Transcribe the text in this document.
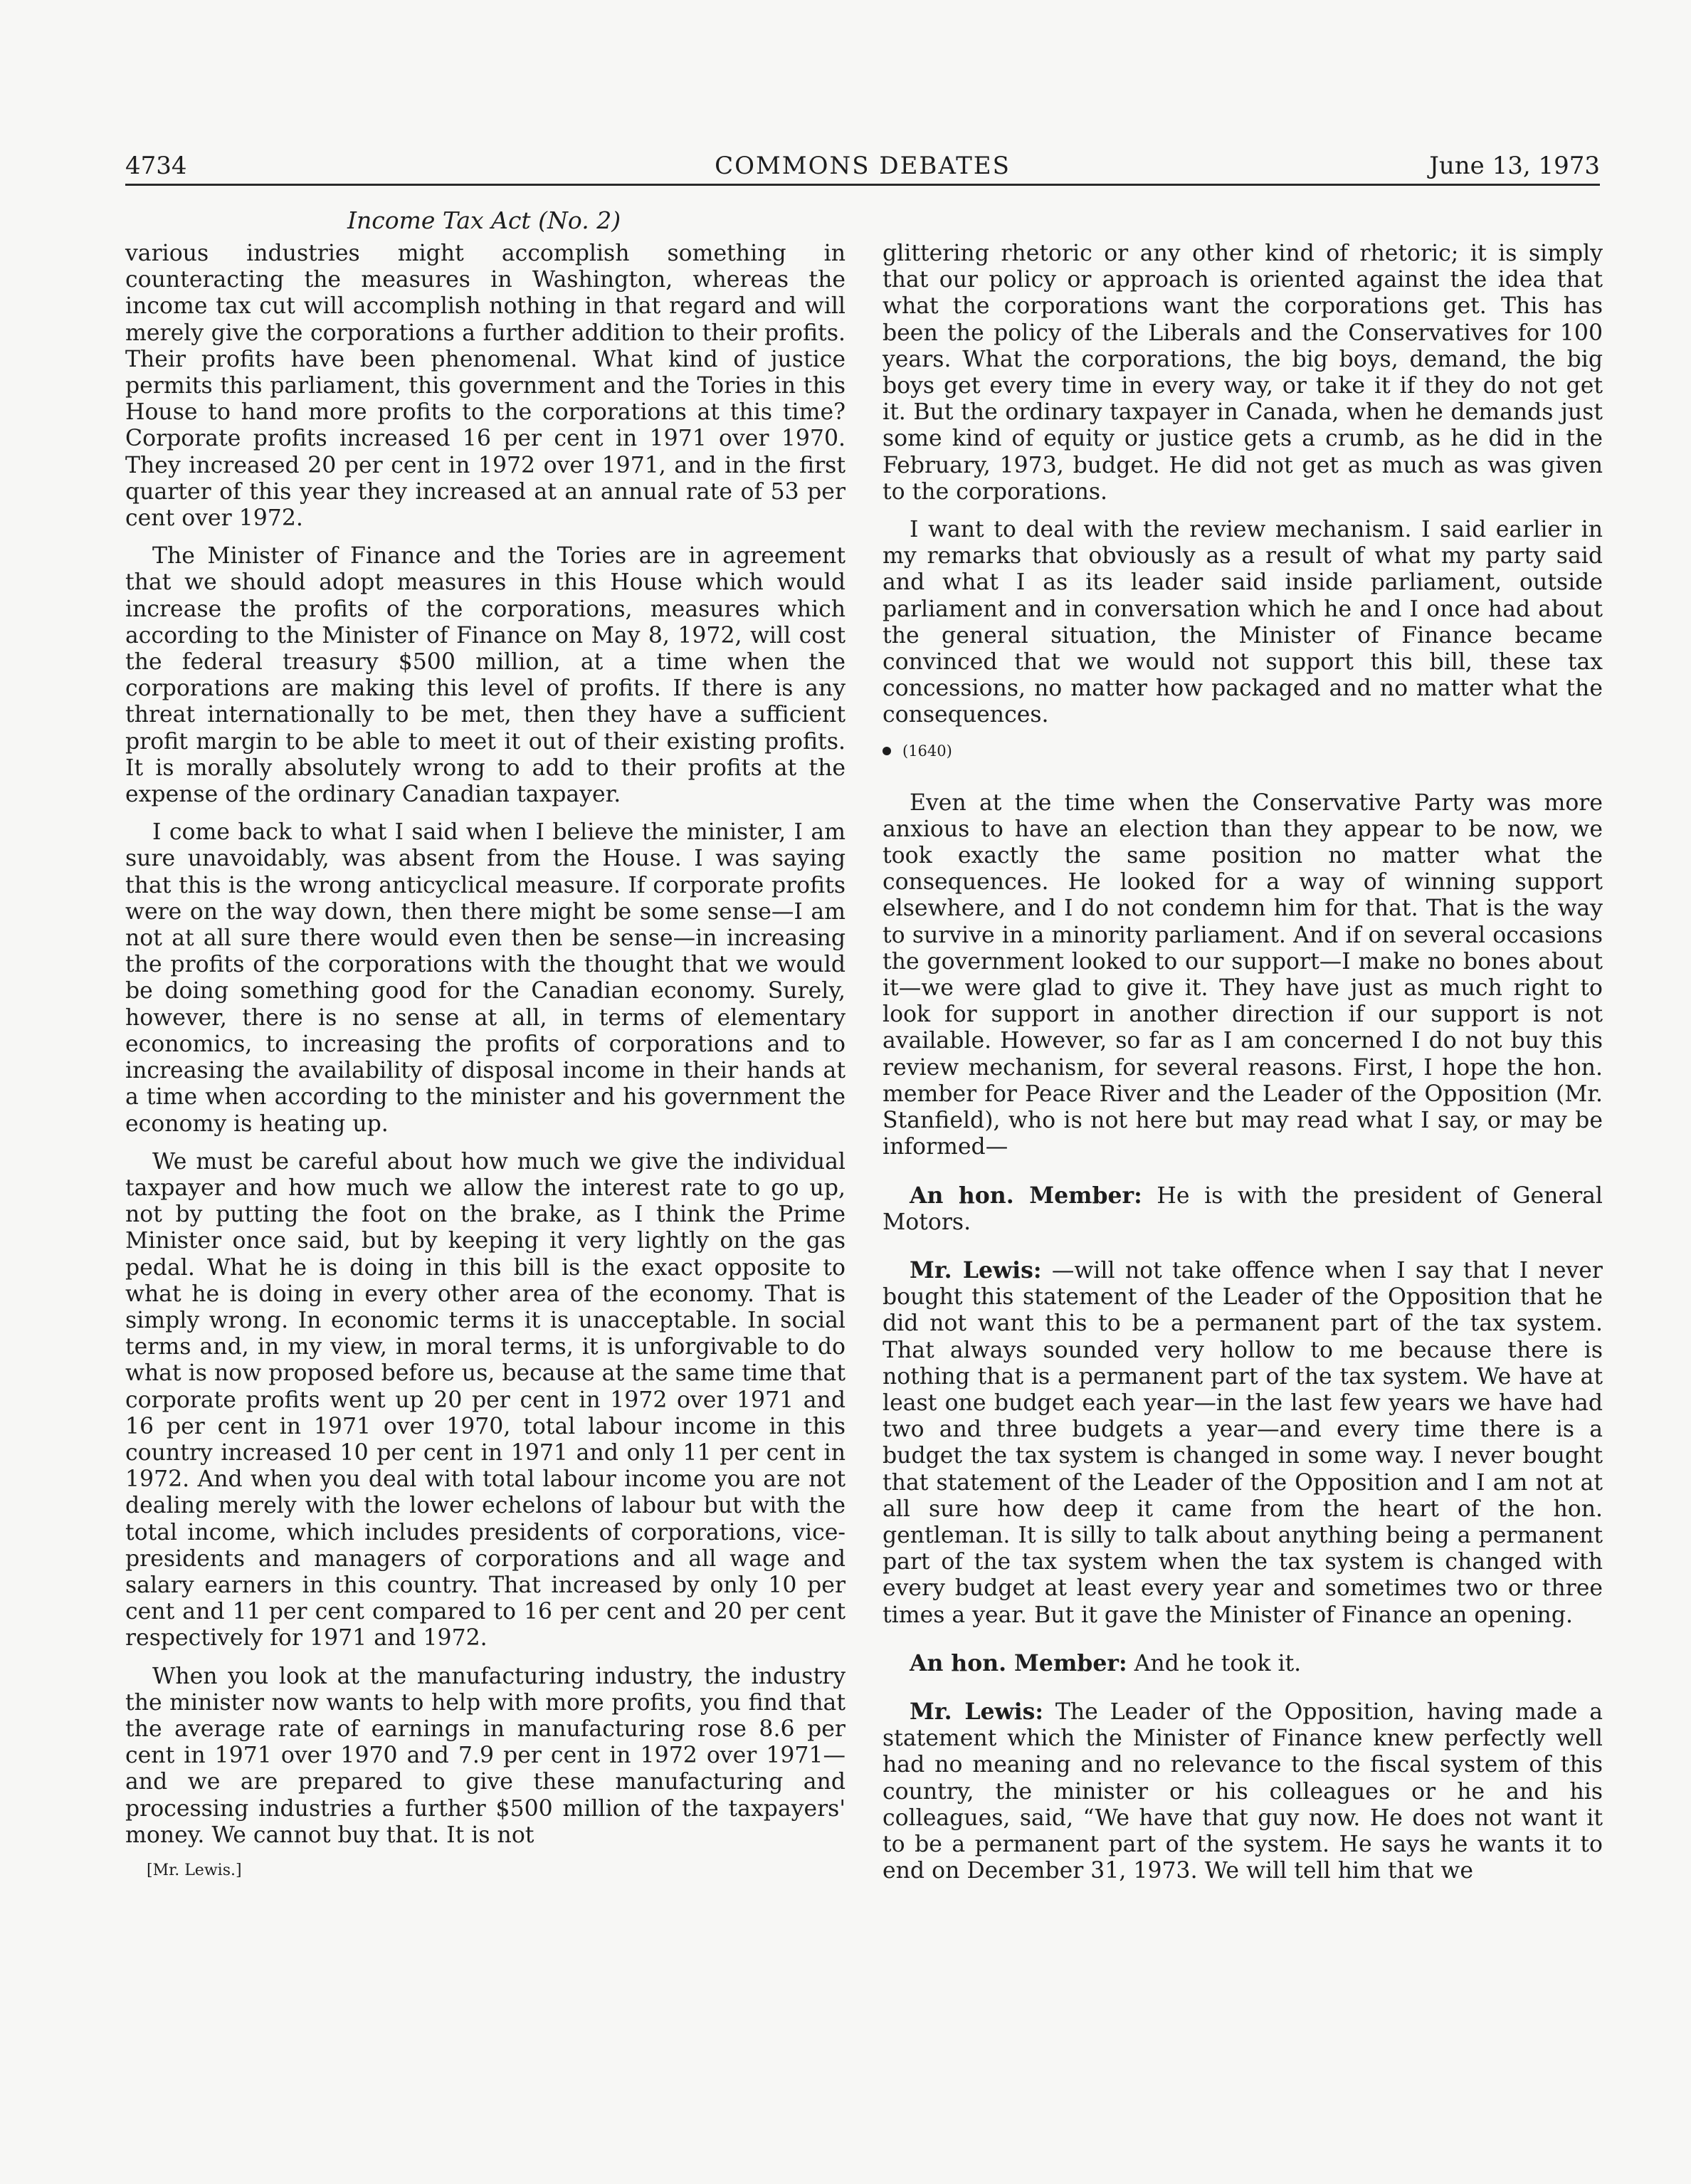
4734	COMMONS DEBATES	June 13, 1973
Income Tax Act (No. 2)

various industries might accomplish something in counteracting the measures in Washington, whereas the income tax cut will accomplish nothing in that regard and will merely give the corporations a further addition to their profits. Their profits have been phenomenal. What kind of justice permits this parliament, this government and the Tories in this House to hand more profits to the corporations at this time? Corporate profits increased 16 per cent in 1971 over 1970. They increased 20 per cent in 1972 over 1971, and in the first quarter of this year they increased at an annual rate of 53 per cent over 1972.

The Minister of Finance and the Tories are in agreement that we should adopt measures in this House which would increase the profits of the corporations, measures which according to the Minister of Finance on May 8, 1972, will cost the federal treasury $500 million, at a time when the corporations are making this level of profits. If there is any threat internationally to be met, then they have a sufficient profit margin to be able to meet it out of their existing profits. It is morally absolutely wrong to add to their profits at the expense of the ordinary Canadian taxpayer.

I come back to what I said when I believe the minister, I am sure unavoidably, was absent from the House. I was saying that this is the wrong anticyclical measure. If corporate profits were on the way down, then there might be some sense—I am not at all sure there would even then be sense—in increasing the profits of the corporations with the thought that we would be doing something good for the Canadian economy. Surely, however, there is no sense at all, in terms of elementary economics, to increasing the profits of corporations and to increasing the availability of disposal income in their hands at a time when according to the minister and his government the economy is heating up.

We must be careful about how much we give the individual taxpayer and how much we allow the interest rate to go up, not by putting the foot on the brake, as I think the Prime Minister once said, but by keeping it very lightly on the gas pedal. What he is doing in this bill is the exact opposite to what he is doing in every other area of the economy. That is simply wrong. In economic terms it is unacceptable. In social terms and, in my view, in moral terms, it is unforgivable to do what is now proposed before us, because at the same time that corporate profits went up 20 per cent in 1972 over 1971 and 16 per cent in 1971 over 1970, total labour income in this country increased 10 per cent in 1971 and only 11 per cent in 1972. And when you deal with total labour income you are not dealing merely with the lower echelons of labour but with the total income, which includes presidents of corporations, vice-presidents and managers of corporations and all wage and salary earners in this country. That increased by only 10 per cent and 11 per cent compared to 16 per cent and 20 per cent respectively for 1971 and 1972.

When you look at the manufacturing industry, the industry the minister now wants to help with more profits, you find that the average rate of earnings in manufacturing rose 8.6 per cent in 1971 over 1970 and 7.9 per cent in 1972 over 1971—and we are prepared to give these manufacturing and processing industries a further $500 million of the taxpayers' money. We cannot buy that. It is not

[Mr. Lewis.]

glittering rhetoric or any other kind of rhetoric; it is simply that our policy or approach is oriented against the idea that what the corporations want the corporations get. This has been the policy of the Liberals and the Conservatives for 100 years. What the corporations, the big boys, demand, the big boys get every time in every way, or take it if they do not get it. But the ordinary taxpayer in Canada, when he demands just some kind of equity or justice gets a crumb, as he did in the February, 1973, budget. He did not get as much as was given to the corporations.

I want to deal with the review mechanism. I said earlier in my remarks that obviously as a result of what my party said and what I as its leader said inside parliament, outside parliament and in conversation which he and I once had about the general situation, the Minister of Finance became convinced that we would not support this bill, these tax concessions, no matter how packaged and no matter what the consequences.

(1640)

Even at the time when the Conservative Party was more anxious to have an election than they appear to be now, we took exactly the same position no matter what the consequences. He looked for a way of winning support elsewhere, and I do not condemn him for that. That is the way to survive in a minority parliament. And if on several occasions the government looked to our support—I make no bones about it—we were glad to give it. They have just as much right to look for support in another direction if our support is not available. However, so far as I am concerned I do not buy this review mechanism, for several reasons. First, I hope the hon. member for Peace River and the Leader of the Opposition (Mr. Stanfield), who is not here but may read what I say, or may be informed—

An hon. Member: He is with the president of General Motors.

Mr. Lewis: —will not take offence when I say that I never bought this statement of the Leader of the Opposition that he did not want this to be a permanent part of the tax system. That always sounded very hollow to me because there is nothing that is a permanent part of the tax system. We have at least one budget each year—in the last few years we have had two and three budgets a year—and every time there is a budget the tax system is changed in some way. I never bought that statement of the Leader of the Opposition and I am not at all sure how deep it came from the heart of the hon. gentleman. It is silly to talk about anything being a permanent part of the tax system when the tax system is changed with every budget at least every year and sometimes two or three times a year. But it gave the Minister of Finance an opening.

An hon. Member: And he took it.

Mr. Lewis: The Leader of the Opposition, having made a statement which the Minister of Finance knew perfectly well had no meaning and no relevance to the fiscal system of this country, the minister or his colleagues or he and his colleagues, said, “We have that guy now. He does not want it to be a permanent part of the system. He says he wants it to end on December 31, 1973. We will tell him that we
